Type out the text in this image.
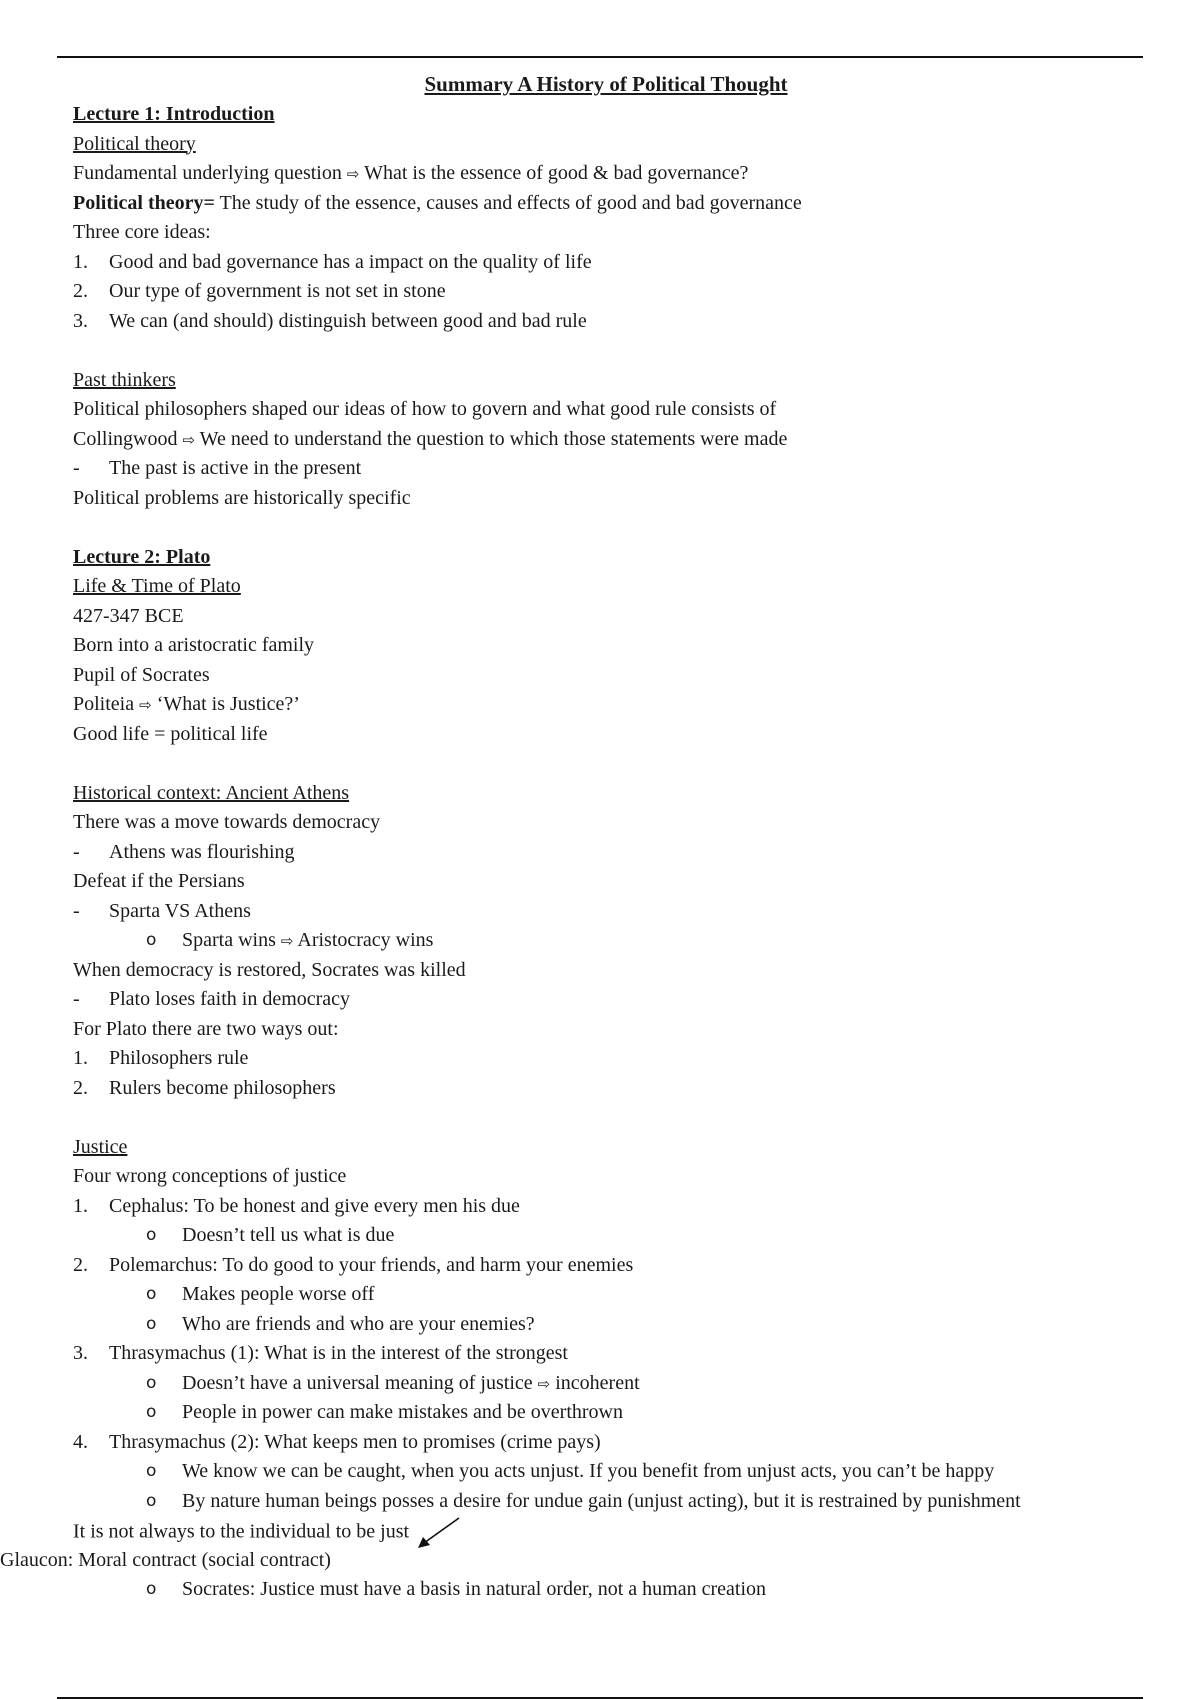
Summary A History of Political Thought
Lecture 1: Introduction
Political theory
Fundamental underlying question ⇨ What is the essence of good & bad governance?
Political theory= The study of the essence, causes and effects of good and bad governance
Three core ideas:
1. Good and bad governance has a impact on the quality of life
2. Our type of government is not set in stone
3. We can (and should) distinguish between good and bad rule
Past thinkers
Political philosophers shaped our ideas of how to govern and what good rule consists of
Collingwood ⇨ We need to understand the question to which those statements were made
- The past is active in the present
Political problems are historically specific
Lecture 2: Plato
Life & Time of Plato
427-347 BCE
Born into a aristocratic family
Pupil of Socrates
Politeia ⇨ ‘What is Justice?’
Good life = political life
Historical context: Ancient Athens
There was a move towards democracy
- Athens was flourishing
Defeat if the Persians
- Sparta VS Athens
o Sparta wins ⇨ Aristocracy wins
When democracy is restored, Socrates was killed
- Plato loses faith in democracy
For Plato there are two ways out:
1. Philosophers rule
2. Rulers become philosophers
Justice
Four wrong conceptions of justice
1. Cephalus: To be honest and give every men his due
o Doesn’t tell us what is due
2. Polemarchus: To do good to your friends, and harm your enemies
o Makes people worse off
o Who are friends and who are your enemies?
3. Thrasymachus (1): What is in the interest of the strongest
o Doesn’t have a universal meaning of justice ⇨ incoherent
o People in power can make mistakes and be overthrown
4. Thrasymachus (2): What keeps men to promises (crime pays)
o We know we can be caught, when you acts unjust. If you benefit from unjust acts, you can’t be happy
o By nature human beings posses a desire for undue gain (unjust acting), but it is restrained by punishment
It is not always to the individual to be just
Glaucon: Moral contract (social contract)
o Socrates: Justice must have a basis in natural order, not a human creation
